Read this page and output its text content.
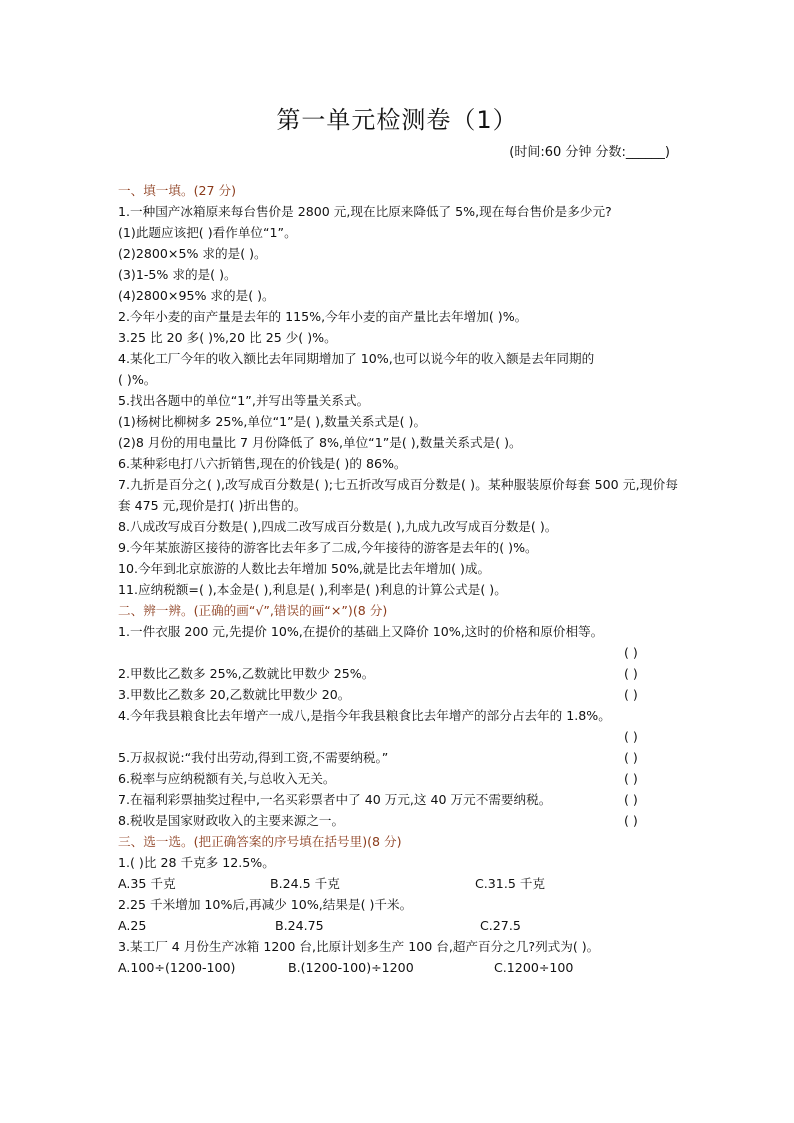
第一单元检测卷（1）
(时间:60 分钟 分数:______)
一、填一填。(27 分)
1.一种国产冰箱原来每台售价是 2800 元,现在比原来降低了 5%,现在每台售价是多少元?
(1)此题应该把( )看作单位“1”。
(2)2800×5% 求的是( )。
(3)1-5% 求的是( )。
(4)2800×95% 求的是( )。
2.今年小麦的亩产量是去年的 115%,今年小麦的亩产量比去年增加( )%。
3.25 比 20 多( )%,20 比 25 少( )%。
4.某化工厂今年的收入额比去年同期增加了 10%,也可以说今年的收入额是去年同期的
( )%。
5.找出各题中的单位“1”,并写出等量关系式。
(1)杨树比柳树多 25%,单位“1”是( ),数量关系式是( )。
(2)8 月份的用电量比 7 月份降低了 8%,单位“1”是( ),数量关系式是( )。
6.某种彩电打八六折销售,现在的价钱是( )的 86%。
7.九折是百分之( ),改写成百分数是( );七五折改写成百分数是( )。某种服装原价每套 500 元,现价每套 475 元,现价是打( )折出售的。
8.八成改写成百分数是( ),四成二改写成百分数是( ),九成九改写成百分数是( )。
9.今年某旅游区接待的游客比去年多了二成,今年接待的游客是去年的( )%。
10.今年到北京旅游的人数比去年增加 50%,就是比去年增加( )成。
11.应纳税额=( ),本金是( ),利息是( ),利率是( )利息的计算公式是( )。
二、辨一辨。(正确的画“√”,错误的画“×”)(8 分)
1.一件衣服 200 元,先提价 10%,在提价的基础上又降价 10%,这时的价格和原价相等。
( )
2.甲数比乙数多 25%,乙数就比甲数少 25%。	( )
3.甲数比乙数多 20,乙数就比甲数少 20。	( )
4.今年我县粮食比去年增产一成八,是指今年我县粮食比去年增产的部分占去年的 1.8%。
( )
5.万叔叔说:“我付出劳动,得到工资,不需要纳税。”	( )
6.税率与应纳税额有关,与总收入无关。	( )
7.在福利彩票抽奖过程中,一名买彩票者中了 40 万元,这 40 万元不需要纳税。	( )
8.税收是国家财政收入的主要来源之一。	( )
三、选一选。(把正确答案的序号填在括号里)(8 分)
1.( )比 28 千克多 12.5%。
A.35 千克	B.24.5 千克	C.31.5 千克
2.25 千米增加 10%后,再减少 10%,结果是( )千米。
A.25	B.24.75	C.27.5
3.某工厂 4 月份生产冰箱 1200 台,比原计划多生产 100 台,超产百分之几?列式为( )。
A.100÷(1200-100)	B.(1200-100)÷1200	C.1200÷100
